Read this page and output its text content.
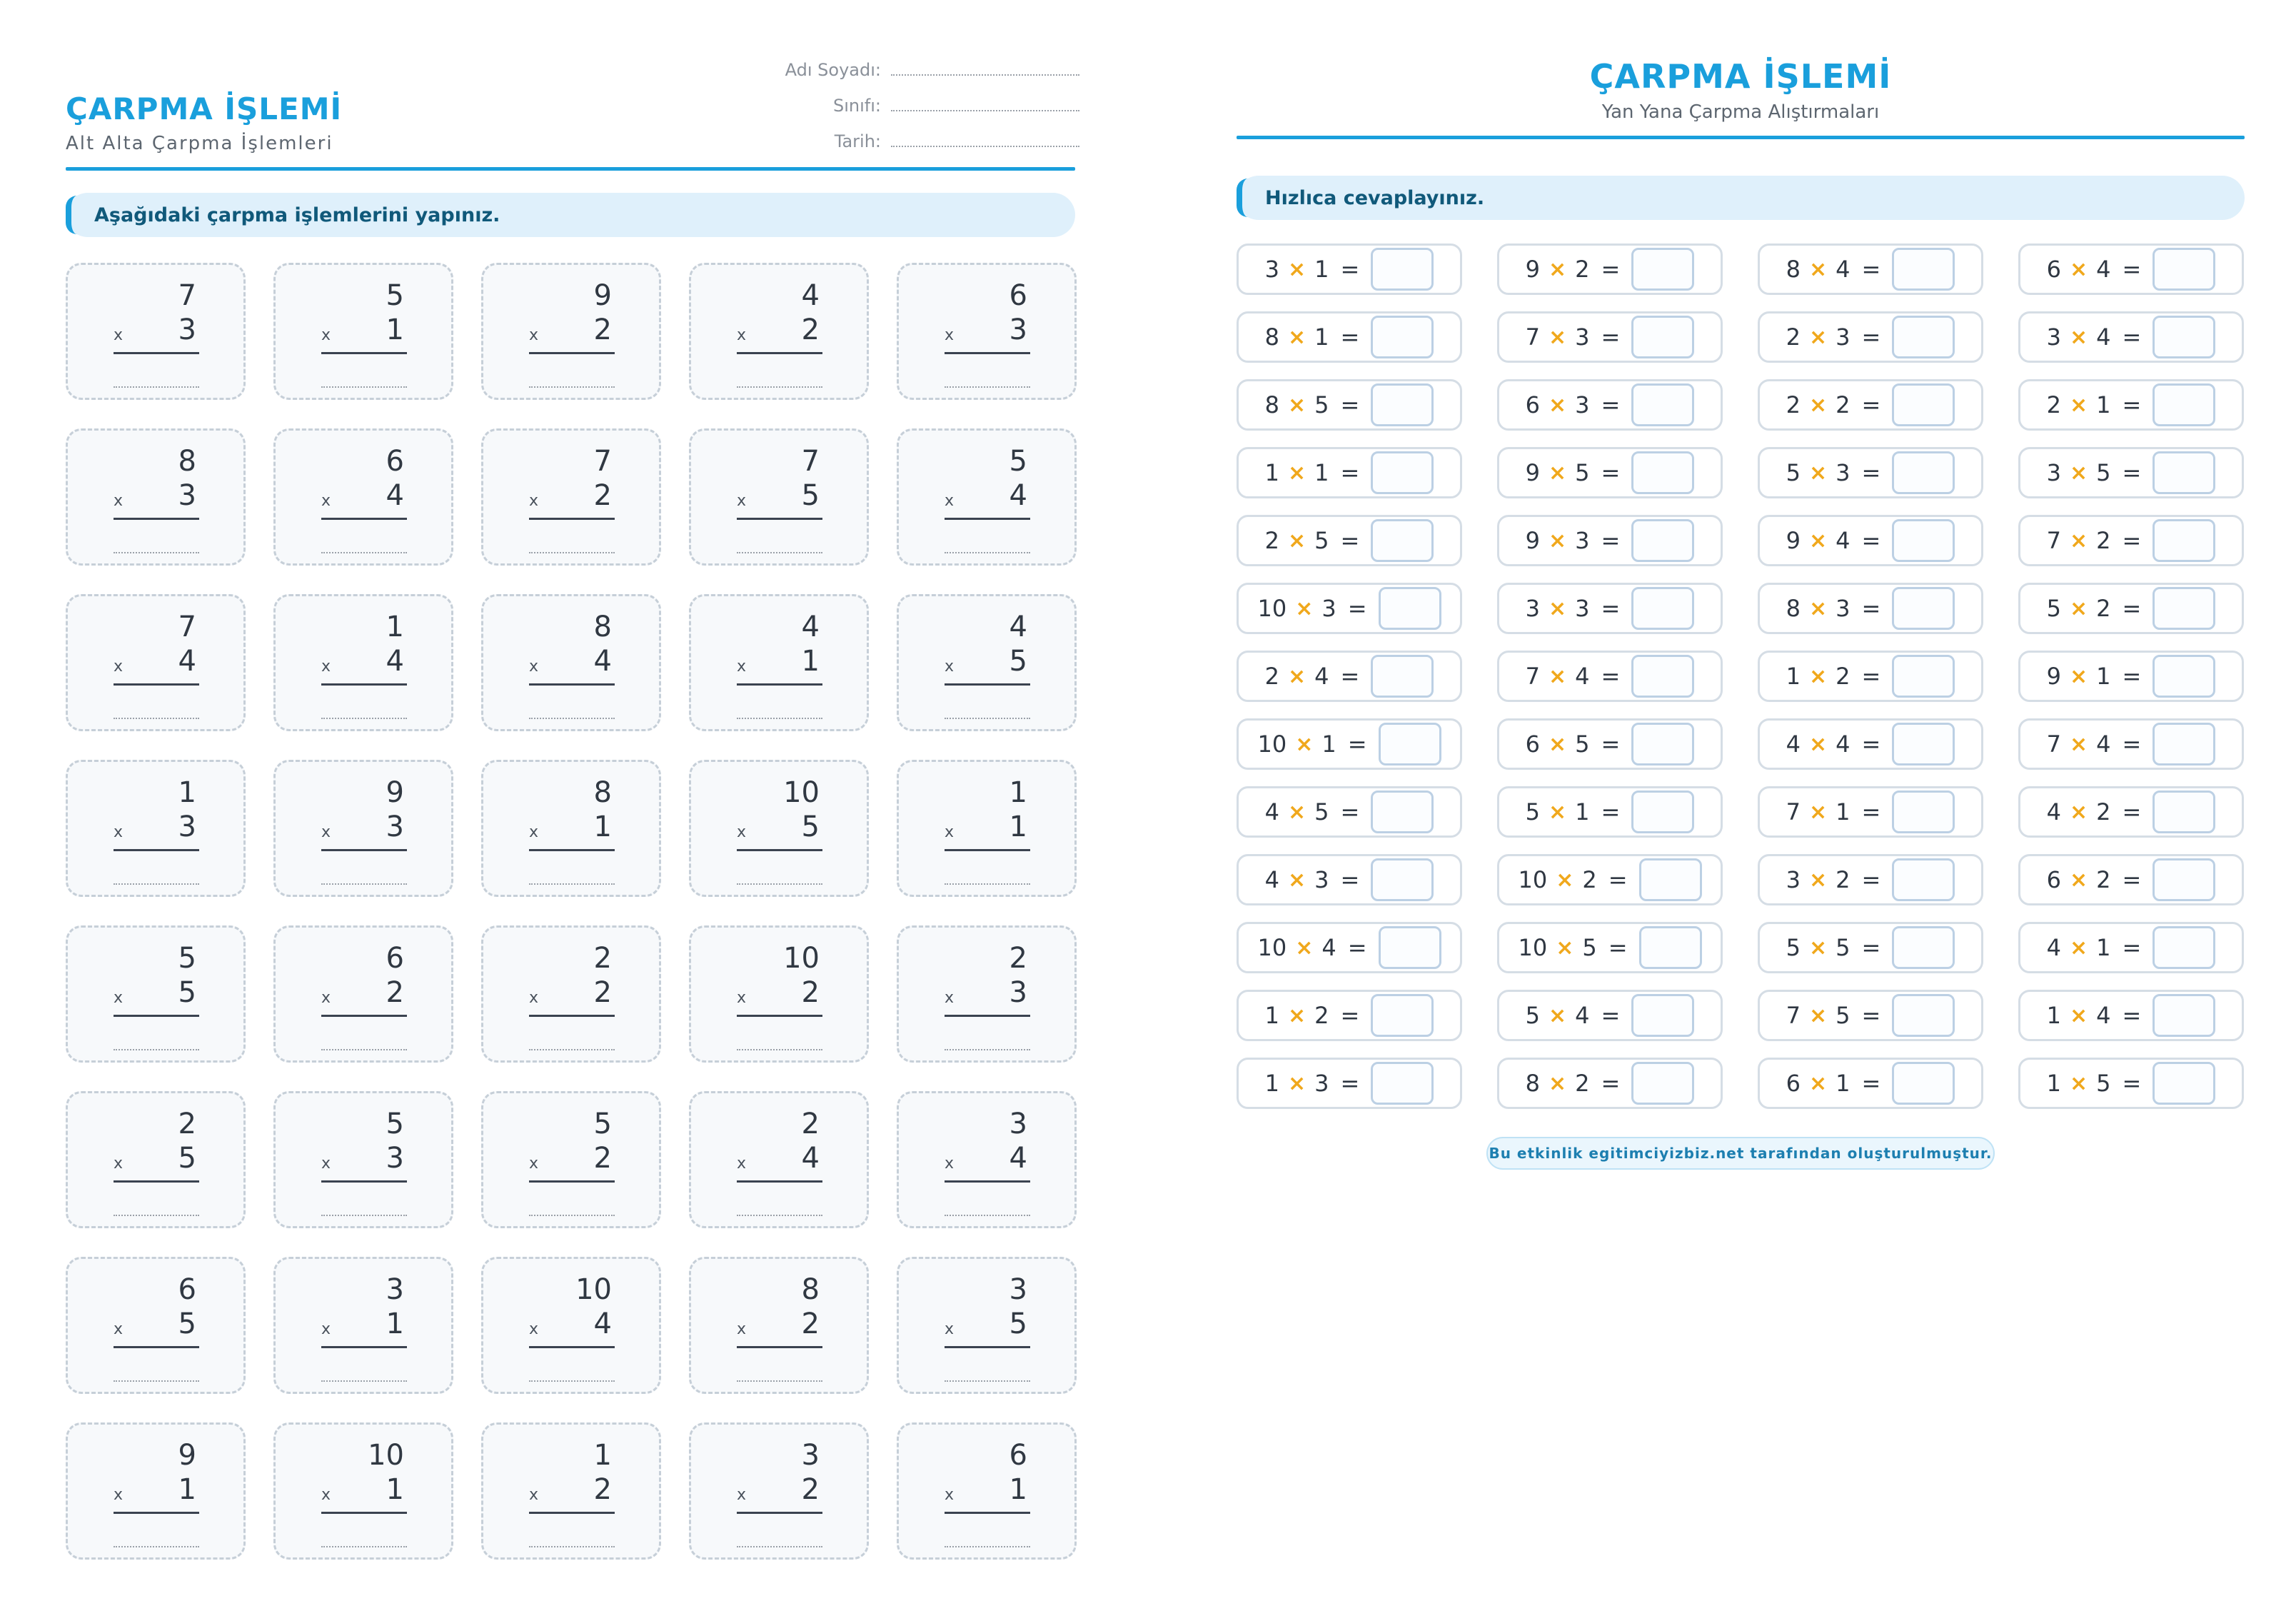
ÇARPMA İŞLEMİ
Alt Alta Çarpma İşlemleri
Adı Soyadı:
Sınıfı:
Tarih:
Aşağıdaki çarpma işlemlerini yapınız.
7
x 3
5
x 1
9
x 2
4
x 2
6
x 3
8
x 3
6
x 4
7
x 2
7
x 5
5
x 4
7
x 4
1
x 4
8
x 4
4
x 1
4
x 5
1
x 3
9
x 3
8
x 1
10
x 5
1
x 1
5
x 5
6
x 2
2
x 2
10
x 2
2
x 3
2
x 5
5
x 3
5
x 2
2
x 4
3
x 4
6
x 5
3
x 1
10
x 4
8
x 2
3
x 5
9
x 1
10
x 1
1
x 2
3
x 2
6
x 1
ÇARPMA İŞLEMİ
Yan Yana Çarpma Alıştırmaları
Hızlıca cevaplayınız.
3 × 1 =	9 × 2 =	8 × 4 =	6 × 4 =
8 × 1 =	7 × 3 =	2 × 3 =	3 × 4 =
8 × 5 =	6 × 3 =	2 × 2 =	2 × 1 =
1 × 1 =	9 × 5 =	5 × 3 =	3 × 5 =
2 × 5 =	9 × 3 =	9 × 4 =	7 × 2 =
10 × 3 =	3 × 3 =	8 × 3 =	5 × 2 =
2 × 4 =	7 × 4 =	1 × 2 =	9 × 1 =
10 × 1 =	6 × 5 =	4 × 4 =	7 × 4 =
4 × 5 =	5 × 1 =	7 × 1 =	4 × 2 =
4 × 3 =	10 × 2 =	3 × 2 =	6 × 2 =
10 × 4 =	10 × 5 =	5 × 5 =	4 × 1 =
1 × 2 =	5 × 4 =	7 × 5 =	1 × 4 =
1 × 3 =	8 × 2 =	6 × 1 =	1 × 5 =
Bu etkinlik egitimciyizbiz.net tarafından oluşturulmuştur.
